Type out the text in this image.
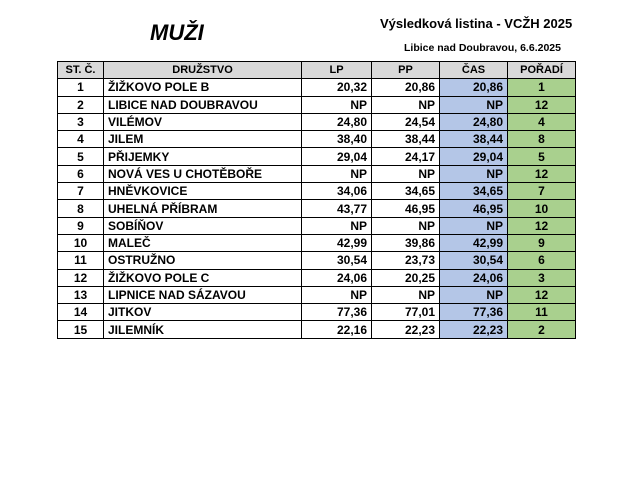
MUŽI	Výsledková listina - VCŽH 2025
Libice nad Doubravou, 6.6.2025
ST. Č.	DRUŽSTVO	LP	PP	ČAS	POŘADÍ
1	ŽIŽKOVO POLE B	20,32	20,86	20,86	1
2	LIBICE NAD DOUBRAVOU	NP	NP	NP	12
3	VILÉMOV	24,80	24,54	24,80	4
4	JILEM	38,40	38,44	38,44	8
5	PŘIJEMKY	29,04	24,17	29,04	5
6	NOVÁ VES U CHOTĚBOŘE	NP	NP	NP	12
7	HNĚVKOVICE	34,06	34,65	34,65	7
8	UHELNÁ PŘÍBRAM	43,77	46,95	46,95	10
9	SOBÍŇOV	NP	NP	NP	12
10	MALEČ	42,99	39,86	42,99	9
11	OSTRUŽNO	30,54	23,73	30,54	6
12	ŽIŽKOVO POLE C	24,06	20,25	24,06	3
13	LIPNICE NAD SÁZAVOU	NP	NP	NP	12
14	JITKOV	77,36	77,01	77,36	11
15	JILEMNÍK	22,16	22,23	22,23	2
